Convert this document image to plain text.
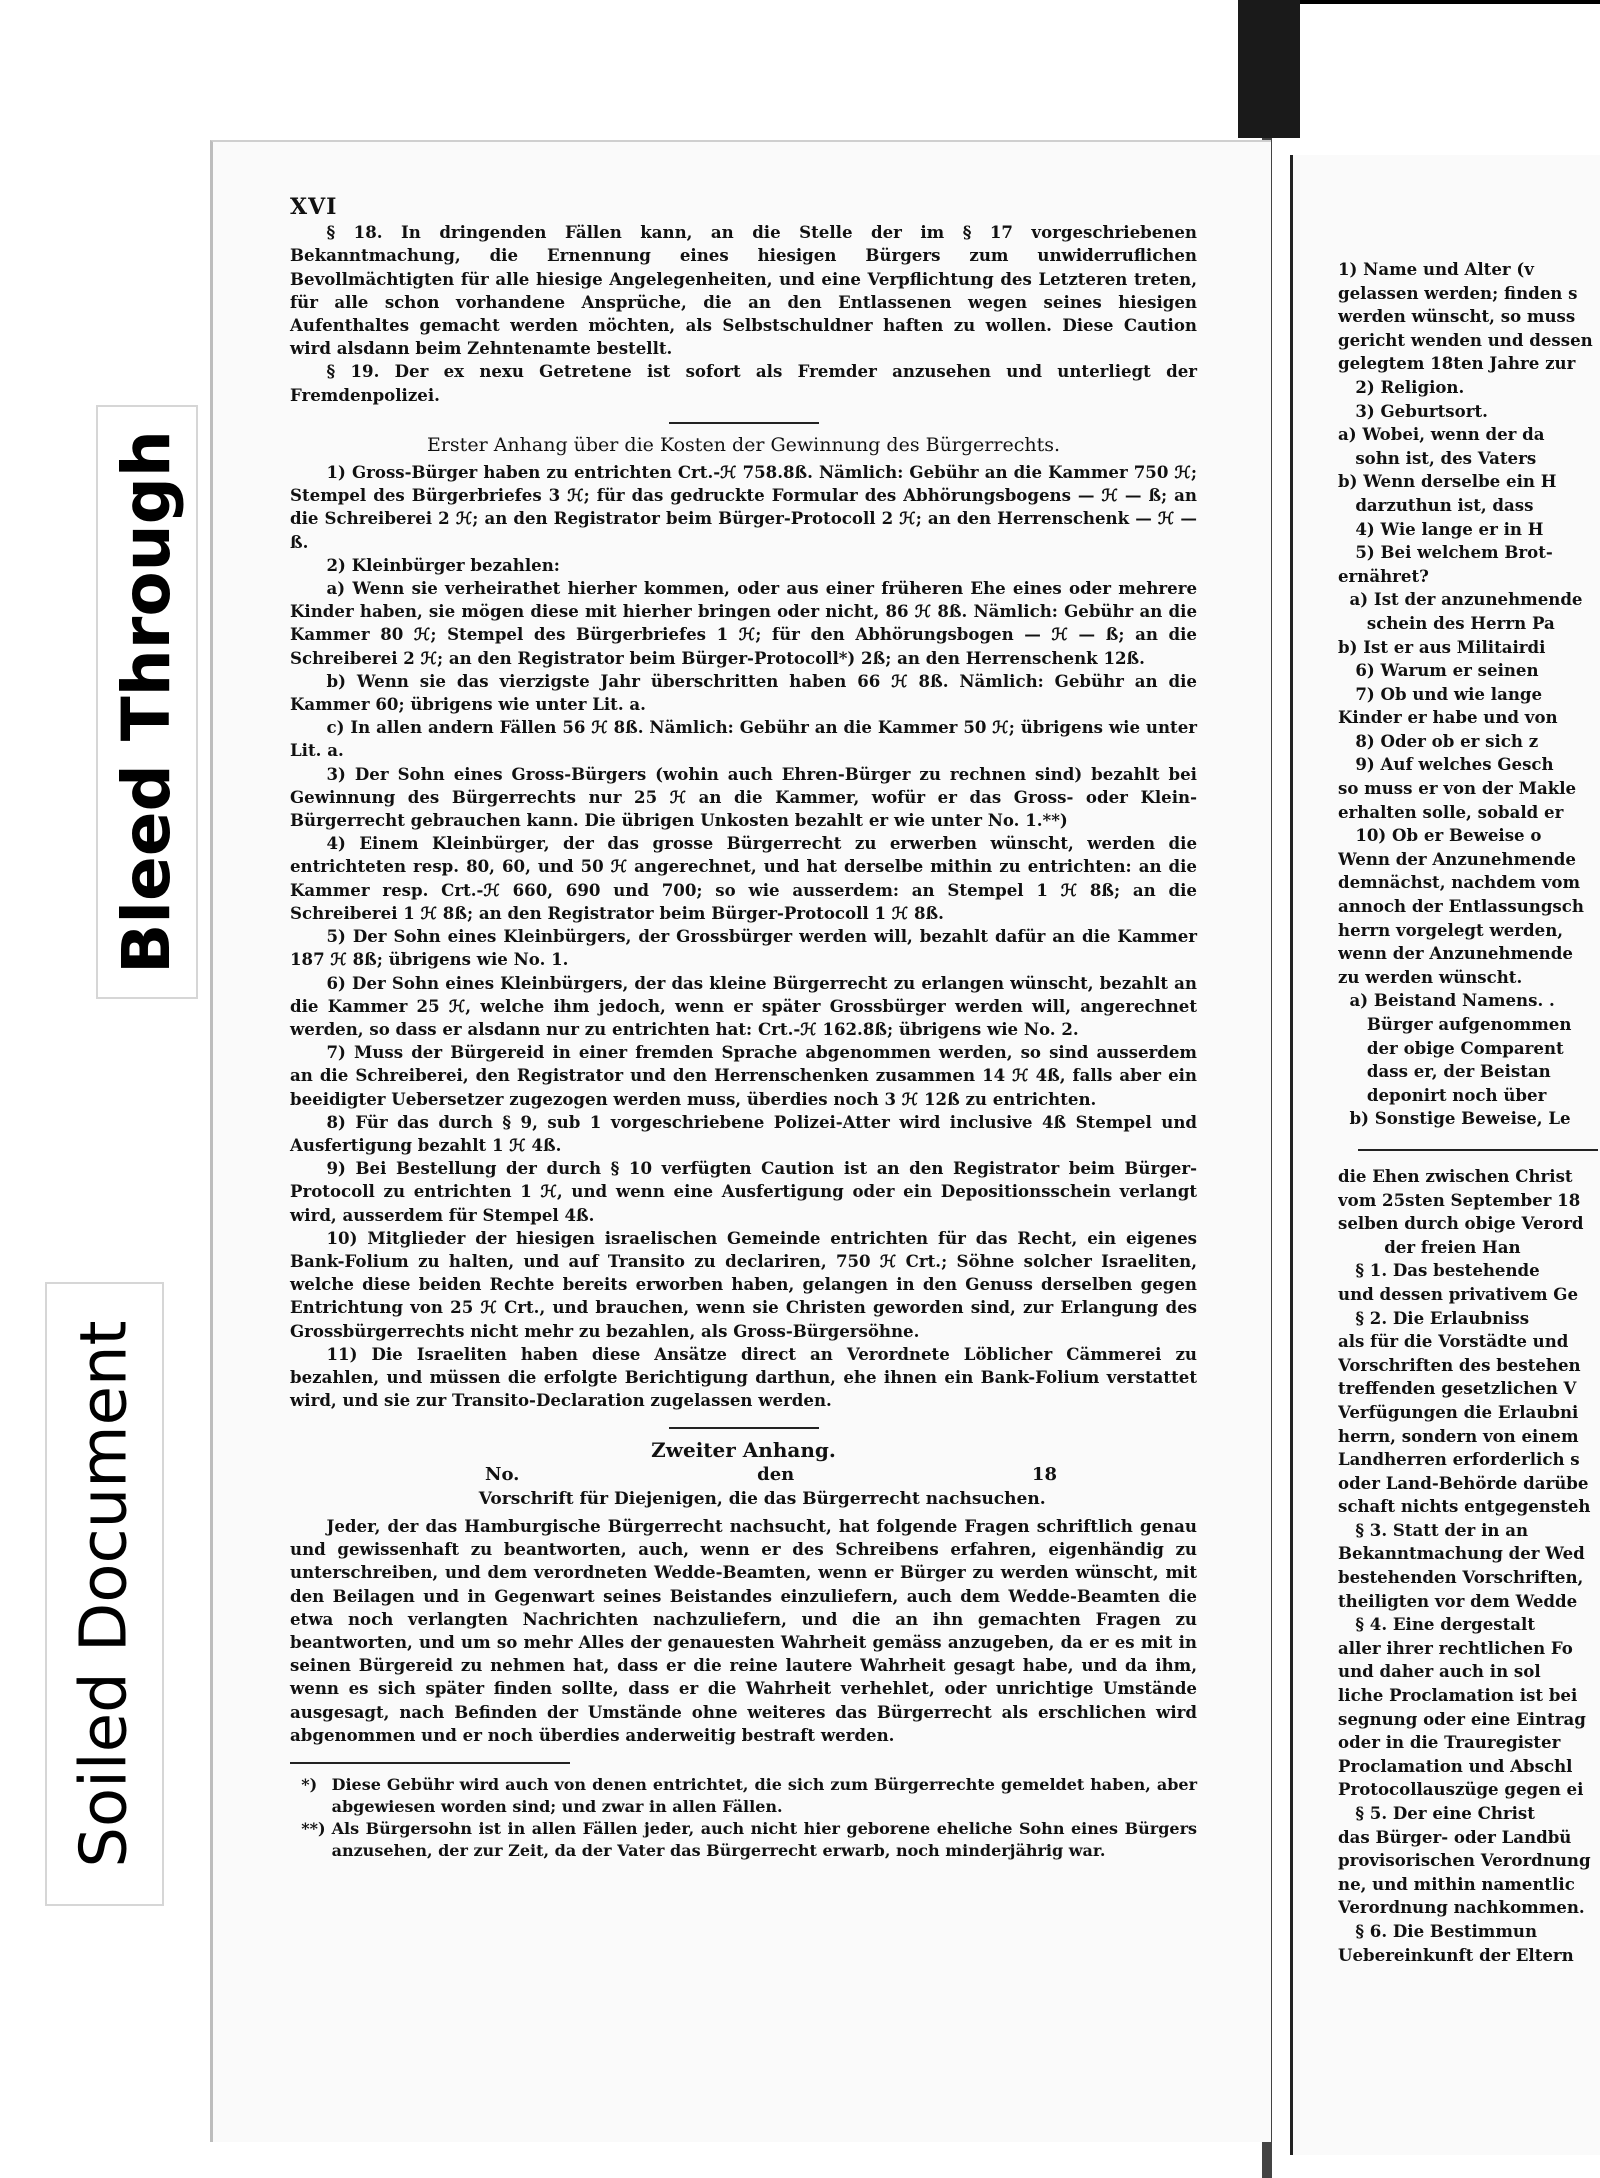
Bleed Through
Soiled Document
XVI

§ 18. In dringenden Fällen kann, an die Stelle der im § 17 vorgeschriebenen Bekanntmachung, die Ernennung eines hiesigen Bürgers zum unwiderruflichen Bevollmächtigten für alle hiesige Angelegenheiten, und eine Verpflichtung des Letzteren treten, für alle schon vorhandene Ansprüche, die an den Entlassenen wegen seines hiesigen Aufenthaltes gemacht werden möchten, als Selbstschuldner haften zu wollen. Diese Caution wird alsdann beim Zehntenamte bestellt.

§ 19. Der ex nexu Getretene ist sofort als Fremder anzusehen und unterliegt der Fremdenpolizei.

Erster Anhang über die Kosten der Gewinnung des Bürgerrechts.

1) Gross-Bürger haben zu entrichten Crt.-ℋ 758.8ß. Nämlich: Gebühr an die Kammer 750 ℋ; Stempel des Bürgerbriefes 3 ℋ; für das gedruckte Formular des Abhörungsbogens — ℋ — ß; an die Schreiberei 2 ℋ; an den Registrator beim Bürger-Protocoll 2 ℋ; an den Herrenschenk — ℋ — ß.

2) Kleinbürger bezahlen:

a) Wenn sie verheirathet hierher kommen, oder aus einer früheren Ehe eines oder mehrere Kinder haben, sie mögen diese mit hierher bringen oder nicht, 86 ℋ 8ß. Nämlich: Gebühr an die Kammer 80 ℋ; Stempel des Bürgerbriefes 1 ℋ; für den Abhörungsbogen — ℋ — ß; an die Schreiberei 2 ℋ; an den Registrator beim Bürger-Protocoll*) 2ß; an den Herrenschenk 12ß.

b) Wenn sie das vierzigste Jahr überschritten haben 66 ℋ 8ß. Nämlich: Gebühr an die Kammer 60; übrigens wie unter Lit. a.

c) In allen andern Fällen 56 ℋ 8ß. Nämlich: Gebühr an die Kammer 50 ℋ; übrigens wie unter Lit. a.

3) Der Sohn eines Gross-Bürgers (wohin auch Ehren-Bürger zu rechnen sind) bezahlt bei Gewinnung des Bürgerrechts nur 25 ℋ an die Kammer, wofür er das Gross- oder Klein-Bürgerrecht gebrauchen kann. Die übrigen Unkosten bezahlt er wie unter No. 1.**)

4) Einem Kleinbürger, der das grosse Bürgerrecht zu erwerben wünscht, werden die entrichteten resp. 80, 60, und 50 ℋ angerechnet, und hat derselbe mithin zu entrichten: an die Kammer resp. Crt.-ℋ 660, 690 und 700; so wie ausserdem: an Stempel 1 ℋ 8ß; an die Schreiberei 1 ℋ 8ß; an den Registrator beim Bürger-Protocoll 1 ℋ 8ß.

5) Der Sohn eines Kleinbürgers, der Grossbürger werden will, bezahlt dafür an die Kammer 187 ℋ 8ß; übrigens wie No. 1.

6) Der Sohn eines Kleinbürgers, der das kleine Bürgerrecht zu erlangen wünscht, bezahlt an die Kammer 25 ℋ, welche ihm jedoch, wenn er später Grossbürger werden will, angerechnet werden, so dass er alsdann nur zu entrichten hat: Crt.-ℋ 162.8ß; übrigens wie No. 2.

7) Muss der Bürgereid in einer fremden Sprache abgenommen werden, so sind ausserdem an die Schreiberei, den Registrator und den Herrenschenken zusammen 14 ℋ 4ß, falls aber ein beeidigter Uebersetzer zugezogen werden muss, überdies noch 3 ℋ 12ß zu entrichten.

8) Für das durch § 9, sub 1 vorgeschriebene Polizei-Atter wird inclusive 4ß Stempel und Ausfertigung bezahlt 1 ℋ 4ß.

9) Bei Bestellung der durch § 10 verfügten Caution ist an den Registrator beim Bürger-Protocoll zu entrichten 1 ℋ, und wenn eine Ausfertigung oder ein Depositionsschein verlangt wird, ausserdem für Stempel 4ß.

10) Mitglieder der hiesigen israelischen Gemeinde entrichten für das Recht, ein eigenes Bank-Folium zu halten, und auf Transito zu declariren, 750 ℋ Crt.; Söhne solcher Israeliten, welche diese beiden Rechte bereits erworben haben, gelangen in den Genuss derselben gegen Entrichtung von 25 ℋ Crt., und brauchen, wenn sie Christen geworden sind, zur Erlangung des Grossbürgerrechts nicht mehr zu bezahlen, als Gross-Bürgersöhne.

11) Die Israeliten haben diese Ansätze direct an Verordnete Löblicher Cämmerei zu bezahlen, und müssen die erfolgte Berichtigung darthun, ehe ihnen ein Bank-Folium verstattet wird, und sie zur Transito-Declaration zugelassen werden.

Zweiter Anhang.

No.	den	18

Vorschrift für Diejenigen, die das Bürgerrecht nachsuchen.

Jeder, der das Hamburgische Bürgerrecht nachsucht, hat folgende Fragen schriftlich genau und gewissenhaft zu beantworten, auch, wenn er des Schreibens erfahren, eigenhändig zu unterschreiben, und dem verordneten Wedde-Beamten, wenn er Bürger zu werden wünscht, mit den Beilagen und in Gegenwart seines Beistandes einzuliefern, auch dem Wedde-Beamten die etwa noch verlangten Nachrichten nachzuliefern, und die an ihn gemachten Fragen zu beantworten, und um so mehr Alles der genauesten Wahrheit gemäss anzugeben, da er es mit in seinen Bürgereid zu nehmen hat, dass er die reine lautere Wahrheit gesagt habe, und da ihm, wenn es sich später finden sollte, dass er die Wahrheit verhehlet, oder unrichtige Umstände ausgesagt, nach Befinden der Umstände ohne weiteres das Bürgerrecht als erschlichen wird abgenommen und er noch überdies anderweitig bestraft werden.

*) Diese Gebühr wird auch von denen entrichtet, die sich zum Bürgerrechte gemeldet haben, aber abgewiesen worden sind; und zwar in allen Fällen.

**) Als Bürgersohn ist in allen Fällen jeder, auch nicht hier geborene eheliche Sohn eines Bürgers anzusehen, der zur Zeit, da der Vater das Bürgerrecht erwarb, noch minderjährig war.

1) Name und Alter (v
gelassen werden; finden s
werden wünscht, so muss
gericht wenden und dessen
gelegtem 18ten Jahre zur
2) Religion.
3) Geburtsort.
a) Wobei, wenn der da
sohn ist, des Vaters
b) Wenn derselbe ein H
darzuthun ist, dass
4) Wie lange er in H
5) Bei welchem Brot-
ernähret?
a) Ist der anzunehmende
schein des Herrn Pa
b) Ist er aus Militairdi
6) Warum er seinen
7) Ob und wie lange
Kinder er habe und von
8) Oder ob er sich z
9) Auf welches Gesch
so muss er von der Makle
erhalten solle, sobald er
10) Ob er Beweise o
Wenn der Anzunehmende
demnächst, nachdem vom
annoch der Entlassungsch
herrn vorgelegt werden,
wenn der Anzunehmende
zu werden wünscht.
a) Beistand Namens. .
Bürger aufgenommen
der obige Comparent
dass er, der Beistan
deponirt noch über
b) Sonstige Beweise, Le
die Ehen zwischen Christ
vom 25sten September 18
selben durch obige Verord
der freien Han
§ 1. Das bestehende
und dessen privativem Ge
§ 2. Die Erlaubniss
als für die Vorstädte und
Vorschriften des bestehen
treffenden gesetzlichen V
Verfügungen die Erlaubni
herrn, sondern von einem
Landherren erforderlich s
oder Land-Behörde darübe
schaft nichts entgegensteh
§ 3. Statt der in an
Bekanntmachung der Wed
bestehenden Vorschriften,
theiligten vor dem Wedde
§ 4. Eine dergestalt
aller ihrer rechtlichen Fo
und daher auch in sol
liche Proclamation ist bei
segnung oder eine Eintrag
oder in die Trauregister
Proclamation und Abschl
Protocollauszüge gegen ei
§ 5. Der eine Christ
das Bürger- oder Landbü
provisorischen Verordnung
ne, und mithin namentlic
Verordnung nachkommen.
§ 6. Die Bestimmun
Uebereinkunft der Eltern
